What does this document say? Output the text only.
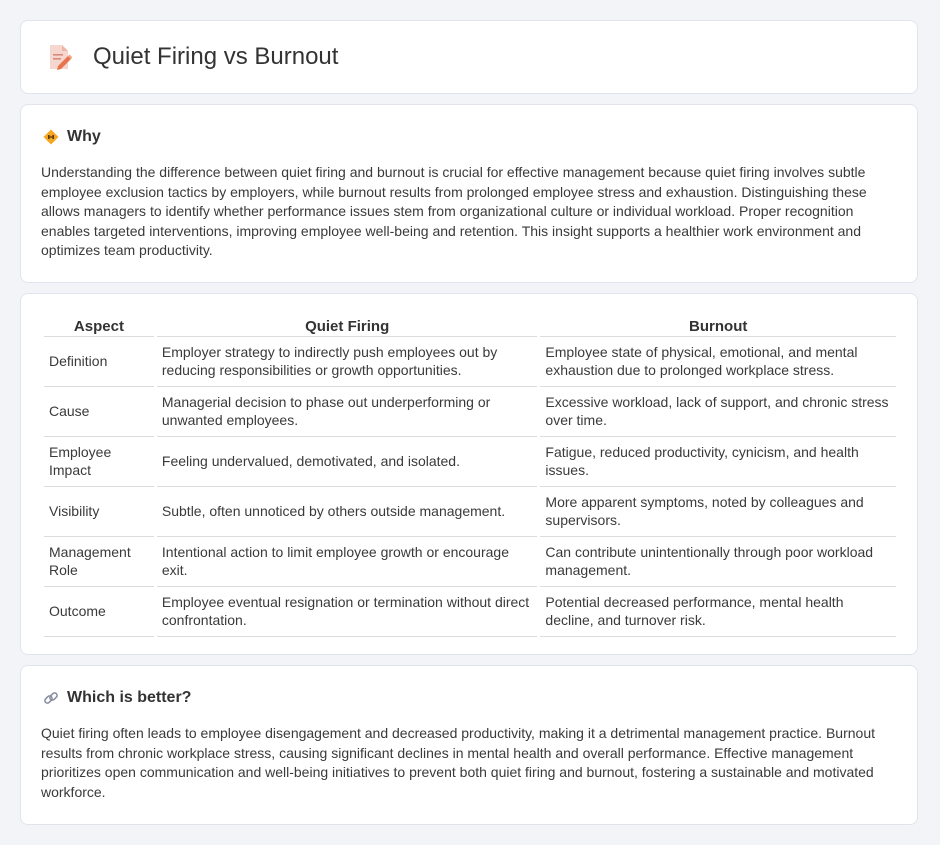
Quiet Firing vs Burnout
Why
Understanding the difference between quiet firing and burnout is crucial for effective management because quiet firing involves subtle employee exclusion tactics by employers, while burnout results from prolonged employee stress and exhaustion. Distinguishing these allows managers to identify whether performance issues stem from organizational culture or individual workload. Proper recognition enables targeted interventions, improving employee well-being and retention. This insight supports a healthier work environment and optimizes team productivity.
Aspect	Quiet Firing	Burnout
Definition	Employer strategy to indirectly push employees out by reducing responsibilities or growth opportunities.	Employee state of physical, emotional, and mental exhaustion due to prolonged workplace stress.
Cause	Managerial decision to phase out underperforming or unwanted employees.	Excessive workload, lack of support, and chronic stress over time.
Employee Impact	Feeling undervalued, demotivated, and isolated.	Fatigue, reduced productivity, cynicism, and health issues.
Visibility	Subtle, often unnoticed by others outside management.	More apparent symptoms, noted by colleagues and supervisors.
Management Role	Intentional action to limit employee growth or encourage exit.	Can contribute unintentionally through poor workload management.
Outcome	Employee eventual resignation or termination without direct confrontation.	Potential decreased performance, mental health decline, and turnover risk.
Which is better?
Quiet firing often leads to employee disengagement and decreased productivity, making it a detrimental management practice. Burnout results from chronic workplace stress, causing significant declines in mental health and overall performance. Effective management prioritizes open communication and well-being initiatives to prevent both quiet firing and burnout, fostering a sustainable and motivated workforce.
